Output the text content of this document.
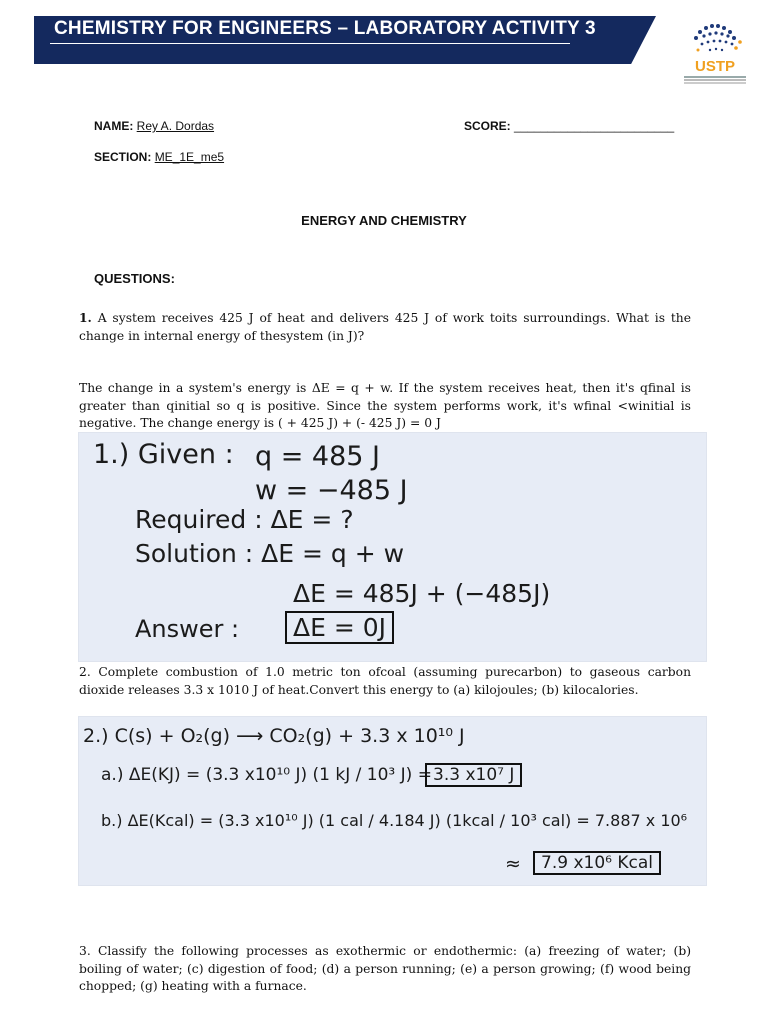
CHEMISTRY FOR ENGINEERS – LABORATORY ACTIVITY 3
USTP
NAME: Rey A. Dordas	SCORE: ________________________
SECTION: ME_1E_me5
ENERGY AND CHEMISTRY
QUESTIONS:
1. A system receives 425 J of heat and delivers 425 J of work toits surroundings. What is the change in internal energy of thesystem (in J)?
The change in a system's energy is ΔE = q + w. If the system receives heat, then it's qfinal is greater than qinitial so q is positive. Since the system performs work, it's wfinal <winitial is negative. The change energy is ( + 425 J) + (- 425 J) = 0 J
1.) Given : q = 485 J
w = −485 J
Required : ΔE = ?
Solution : ΔE = q + w
ΔE = 485J + (−485J)
Answer :	ΔE = 0J
2. Complete combustion of 1.0 metric ton ofcoal (assuming purecarbon) to gaseous carbon dioxide releases 3.3 x 1010 J of heat.Convert this energy to (a) kilojoules; (b) kilocalories.
2.) C(s) + O₂(g) ⟶ CO₂(g) + 3.3 x 10¹⁰ J
a.) ΔE(KJ) = (3.3 x10¹⁰ J) (1 kJ / 10³ J) = 3.3 x10⁷ J
b.) ΔE(Kcal) = (3.3 x10¹⁰ J) (1 cal / 4.184 J) (1kcal / 10³ cal) = 7.887 x 10⁶
≈	7.9 x10⁶ Kcal
3. Classify the following processes as exothermic or endothermic: (a) freezing of water; (b) boiling of water; (c) digestion of food; (d) a person running; (e) a person growing; (f) wood being chopped; (g) heating with a furnace.
